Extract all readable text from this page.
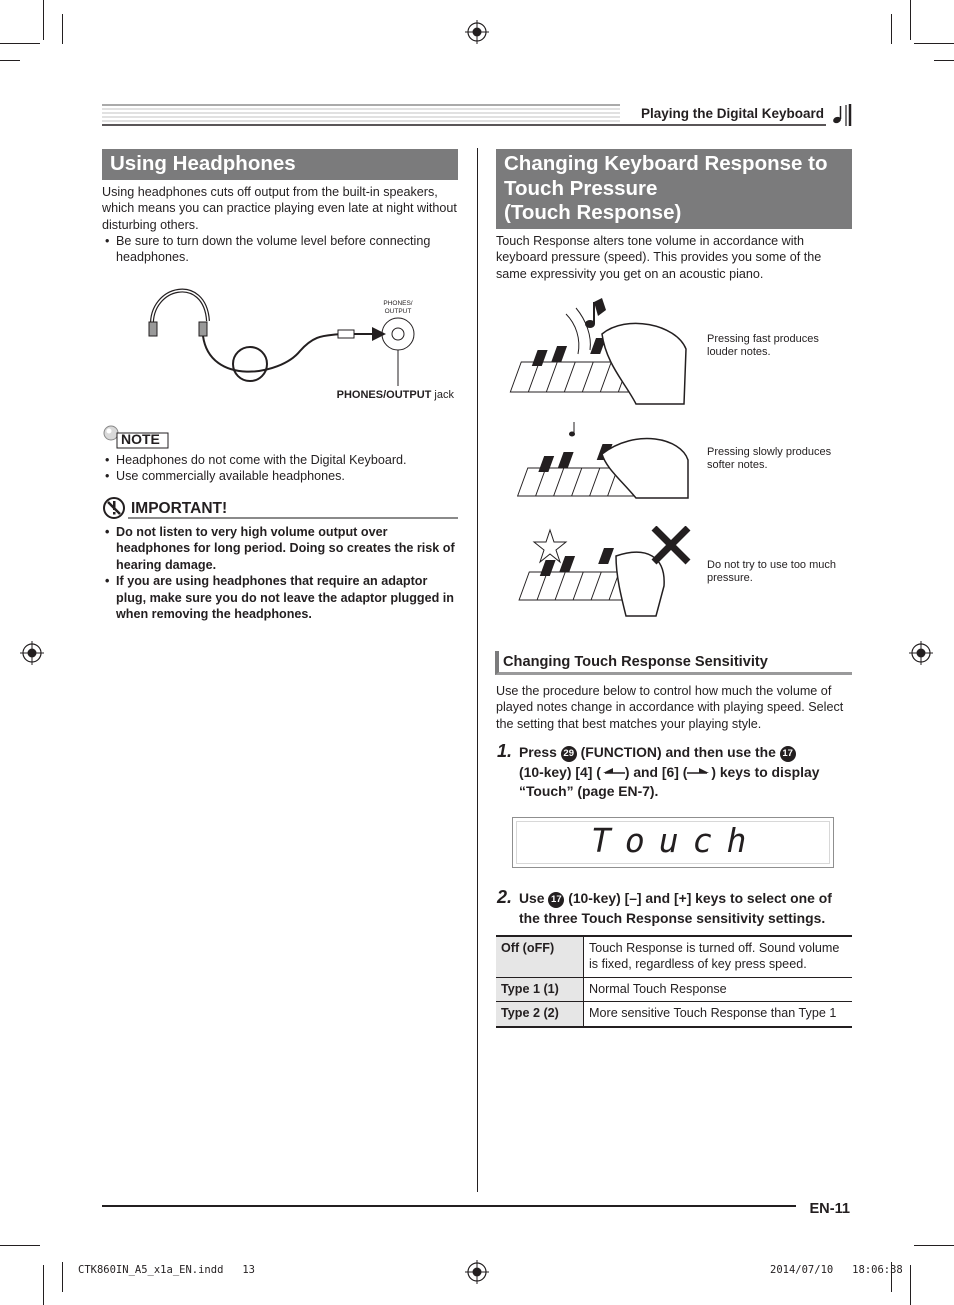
Playing the Digital Keyboard
Using Headphones
Using headphones cuts off output from the built-in speakers, which means you can practice playing even late at night without disturbing others.
• Be sure to turn down the volume level before connecting headphones.
PHONES/
OUTPUT
PHONES/OUTPUT jack
NOTE
• Headphones do not come with the Digital Keyboard.
• Use commercially available headphones.
IMPORTANT!
• Do not listen to very high volume output over headphones for long period. Doing so creates the risk of hearing damage.
• If you are using headphones that require an adaptor plug, make sure you do not leave the adaptor plugged in when removing the headphones.
Changing Keyboard Response to
Touch Pressure
(Touch Response)
Touch Response alters tone volume in accordance with keyboard pressure (speed). This provides you some of the same expressivity you get on an acoustic piano.
Pressing fast produces louder notes.
Pressing slowly produces softer notes.
Do not try to use too much pressure.
Changing Touch Response Sensitivity
Use the procedure below to control how much the volume of played notes change in accordance with playing speed. Select the setting that best matches your playing style.
1. Press 29 (FUNCTION) and then use the 17
(10-key) [4] ( ) and [6] ( ) keys to display
“Touch” (page EN-7).
Touch
2. Use 17 (10-key) [–] and [+] keys to select one of the three Touch Response sensitivity settings.
Off (oFF)	Touch Response is turned off. Sound volume is fixed, regardless of key press speed.
Type 1 (1)	Normal Touch Response
Type 2 (2)	More sensitive Touch Response than Type 1
EN-11
CTK860IN_A5_x1a_EN.indd   13	2014/07/10   18:06:38
